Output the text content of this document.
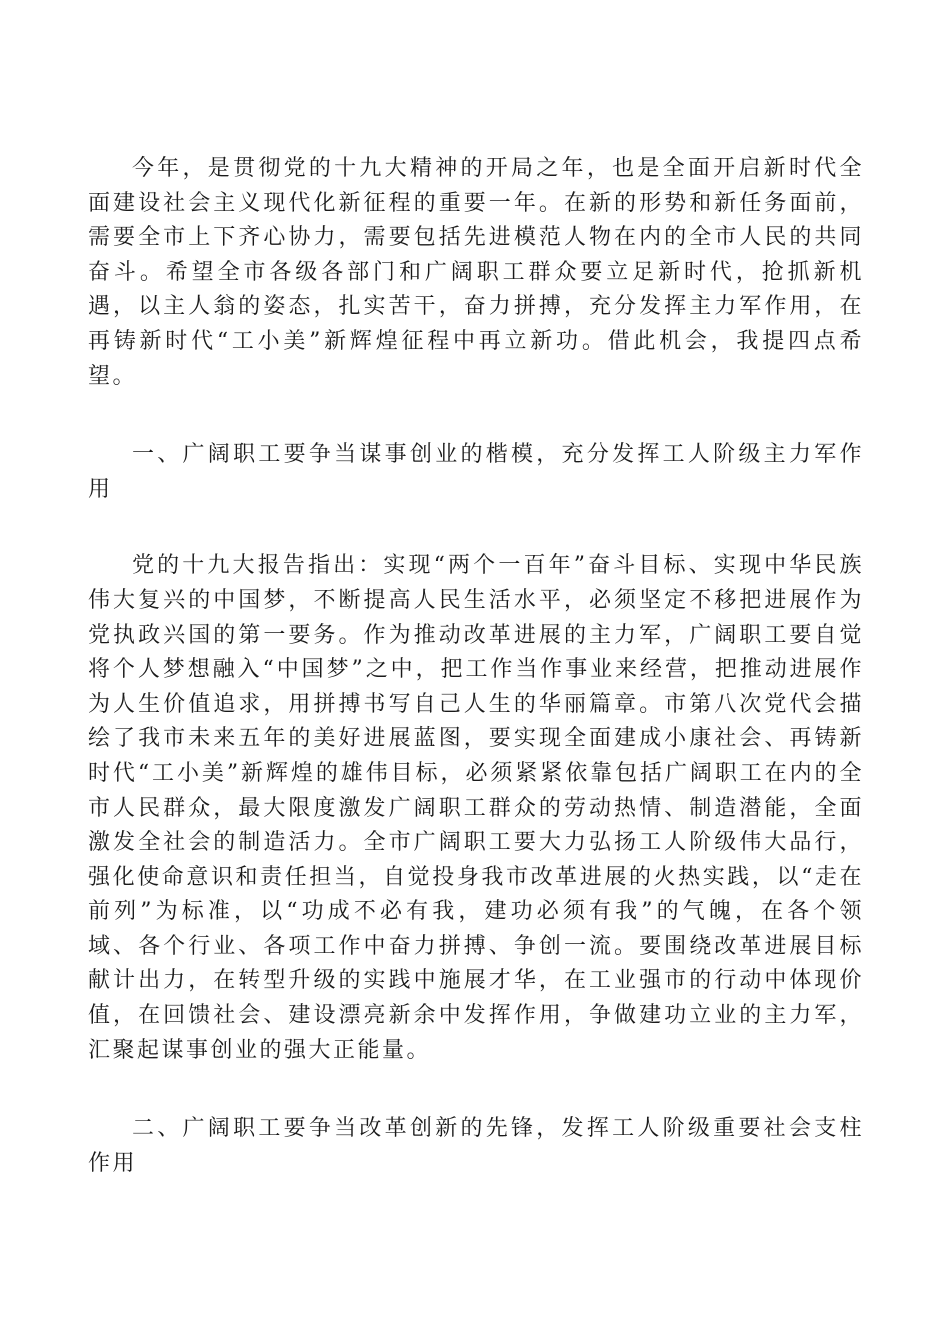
今年，是贯彻党的十九大精神的开局之年，也是全面开启新时代全面建设社会主义现代化新征程的重要一年。在新的形势和新任务面前，需要全市上下齐心协力，需要包括先进模范人物在内的全市人民的共同奋斗。希望全市各级各部门和广阔职工群众要立足新时代，抢抓新机遇，以主人翁的姿态，扎实苦干，奋力拼搏，充分发挥主力军作用，在再铸新时代“工小美”新辉煌征程中再立新功。借此机会，我提四点希望。

一、广阔职工要争当谋事创业的楷模，充分发挥工人阶级主力军作用

党的十九大报告指出：实现“两个一百年”奋斗目标、实现中华民族伟大复兴的中国梦，不断提高人民生活水平，必须坚定不移把进展作为党执政兴国的第一要务。作为推动改革进展的主力军，广阔职工要自觉将个人梦想融入“中国梦”之中，把工作当作事业来经营，把推动进展作为人生价值追求，用拼搏书写自己人生的华丽篇章。市第八次党代会描绘了我市未来五年的美好进展蓝图，要实现全面建成小康社会、再铸新时代“工小美”新辉煌的雄伟目标，必须紧紧依靠包括广阔职工在内的全市人民群众，最大限度激发广阔职工群众的劳动热情、制造潜能，全面激发全社会的制造活力。全市广阔职工要大力弘扬工人阶级伟大品行，强化使命意识和责任担当，自觉投身我市改革进展的火热实践，以“走在前列”为标准，以“功成不必有我，建功必须有我”的气魄，在各个领域、各个行业、各项工作中奋力拼搏、争创一流。要围绕改革进展目标献计出力，在转型升级的实践中施展才华，在工业强市的行动中体现价值，在回馈社会、建设漂亮新余中发挥作用，争做建功立业的主力军，汇聚起谋事创业的强大正能量。

二、广阔职工要争当改革创新的先锋，发挥工人阶级重要社会支柱作用
